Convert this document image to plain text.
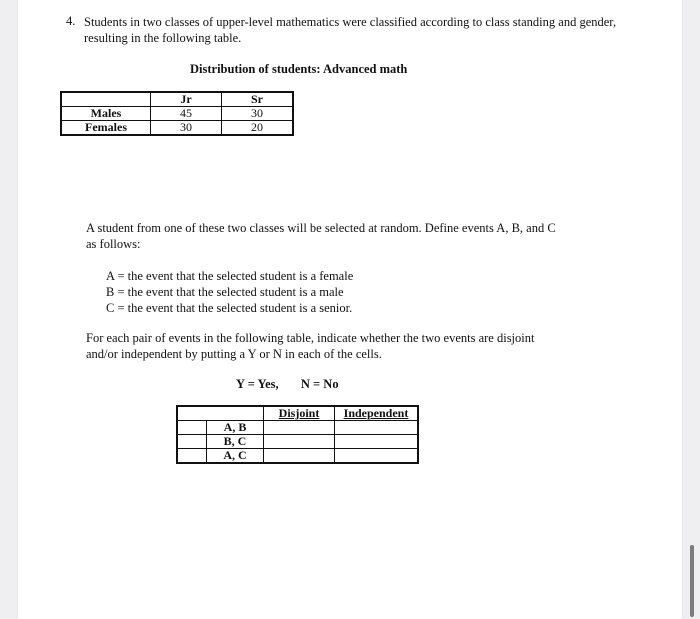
4. Students in two classes of upper-level mathematics were classified according to class standing and gender, resulting in the following table.
Distribution of students: Advanced math
	Jr	Sr
Males	45	30
Females	30	20
A student from one of these two classes will be selected at random. Define events A, B, and C as follows:
A = the event that the selected student is a female
B = the event that the selected student is a male
C = the event that the selected student is a senior.
For each pair of events in the following table, indicate whether the two events are disjoint and/or independent by putting a Y or N in each of the cells.
Y = Yes, N = No
		Disjoint	Independent
	A, B		
	B, C		
	A, C		
